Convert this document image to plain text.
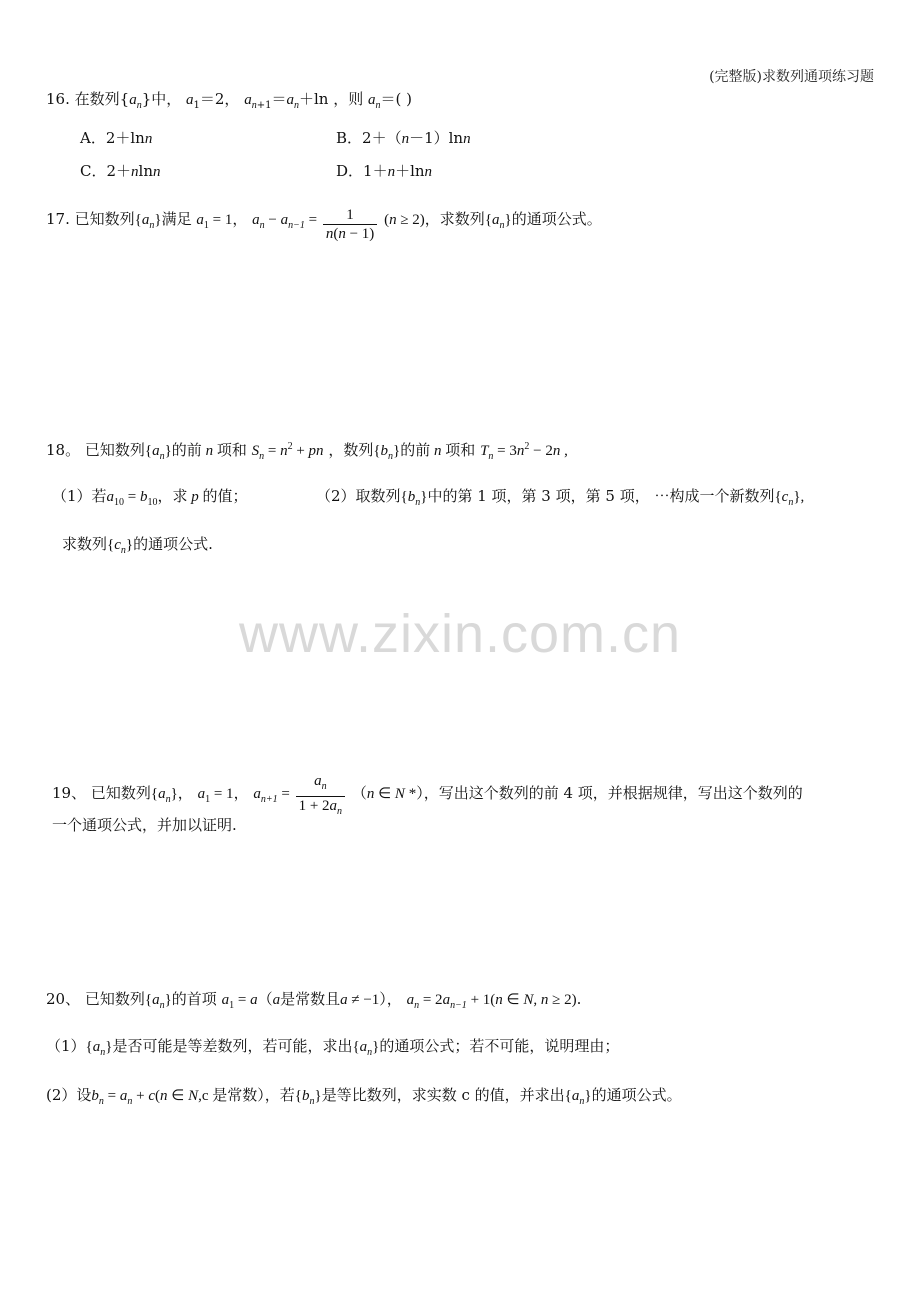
(完整版)求数列通项练习题
16. 在数列$\{a_n\}$中， $a_1=2$， $a_{n+1}=a_n+\ln$ ，则 $a_n=$( )
A．2＋lnn	B．2＋（n－1）lnn
C．2＋nlnn	D．1＋n＋lnn
17. 已知数列$\{a_n\}$满足 $a_1 = 1$， $a_n - a_{n-1} = \frac{1}{n(n - 1)} (n \ge 2)$，求数列$\{a_n\}$的通项公式。
18。 已知数列$\{a_n\}$的前 n 项和 $S_n = n^2$ + pn ，数列$\{b_n\}$的前 n 项和 $T_n = 3n^2 - 2n$ ,
（1）若$a_{10} = b_{10}$，求 p 的值；	（2）取数列$\{b_n\}$中的第 1 项，第 3 项，第 5 项， ⋯构成一个新数列$\{c_n\}$,
求数列$\{c_n\}$的通项公式.
www.zixin.com.cn
19、 已知数列$\{a_n\}$， $a_1 = 1$， $a_{n+1} = \frac{a_n}{1 + 2a_n} (n$ ∈ N *），写出这个数列的前 4 项，并根据规律，写出这个数列的
一个通项公式，并加以证明.
20、 已知数列$\{a_n\}$的首项 $a_1 = a(a$是常数且a ≠ −1）， $a_n = 2a_{n-1} + 1(n$ ∈ N, n ≥ 2).
$(1)\{a_n\}$是否可能是等差数列，若可能，求出$\{a_n\}$的通项公式；若不可能，说明理由；
(2）设$b_n = a_n + c(n$ ∈ N,c 是常数），若$\{b_n\}$是等比数列，求实数 c 的值，并求出$\{a_n\}$的通项公式。
